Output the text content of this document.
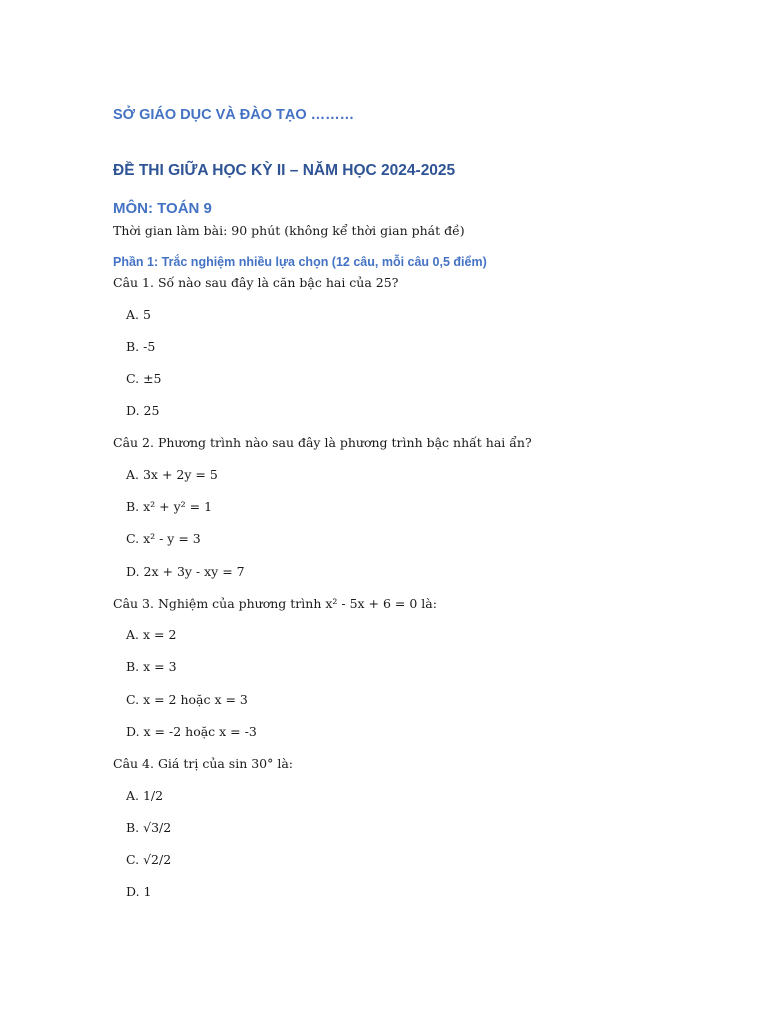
SỞ GIÁO DỤC VÀ ĐÀO TẠO ………
ĐỀ THI GIỮA HỌC KỲ II – NĂM HỌC 2024-2025
MÔN: TOÁN 9
Thời gian làm bài: 90 phút (không kể thời gian phát đề)
Phần 1: Trắc nghiệm nhiều lựa chọn (12 câu, mỗi câu 0,5 điểm)
Câu 1. Số nào sau đây là căn bậc hai của 25?
A. 5
B. -5
C. ±5
D. 25
Câu 2. Phương trình nào sau đây là phương trình bậc nhất hai ẩn?
A. 3x + 2y = 5
B. x² + y² = 1
C. x² - y = 3
D. 2x + 3y - xy = 7
Câu 3. Nghiệm của phương trình x² - 5x + 6 = 0 là:
A. x = 2
B. x = 3
C. x = 2 hoặc x = 3
D. x = -2 hoặc x = -3
Câu 4. Giá trị của sin 30° là:
A. 1/2
B. √3/2
C. √2/2
D. 1
